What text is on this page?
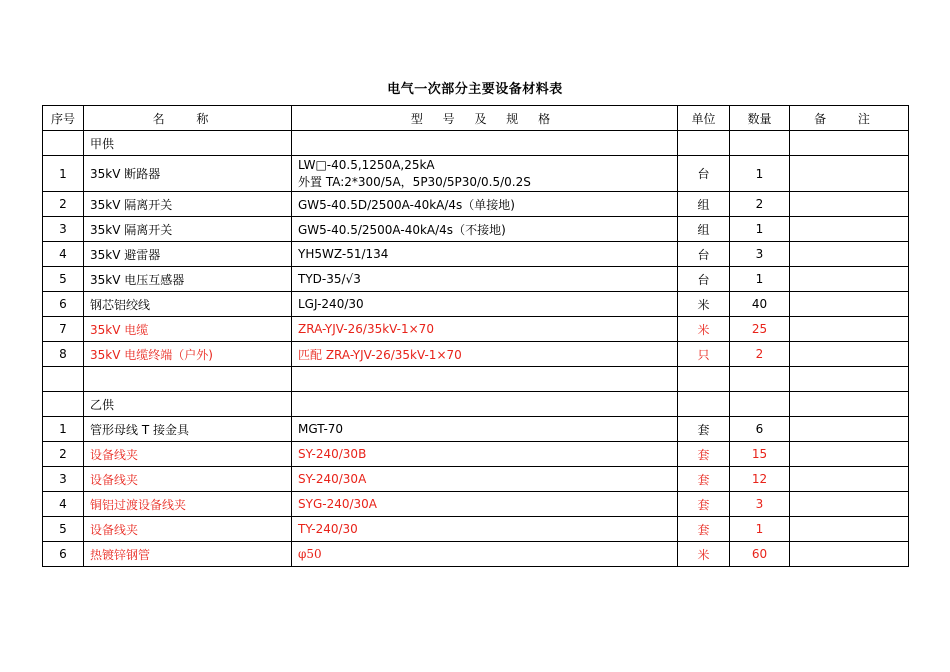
电气一次部分主要设备材料表
序号	名 称	型 号 及 规 格	单位	数量	备 注
	甲供				
1	35kV 断路器	LW□-40.5,1250A,25kA
外置 TA:2*300/5A，5P30/5P30/0.5/0.2S	台	1	
2	35kV 隔离开关	GW5-40.5D/2500A-40kA/4s（单接地)	组	2	
3	35kV 隔离开关	GW5-40.5/2500A-40kA/4s（不接地)	组	1	
4	35kV 避雷器	YH5WZ-51/134	台	3	
5	35kV 电压互感器	TYD-35/√3	台	1	
6	钢芯铝绞线	LGJ-240/30	米	40	
7	35kV 电缆	ZRA-YJV-26/35kV-1×70	米	25	
8	35kV 电缆终端（户外)	匹配 ZRA-YJV-26/35kV-1×70	只	2	

	乙供				
1	管形母线 T 接金具	MGT-70	套	6	
2	设备线夹	SY-240/30B	套	15	
3	设备线夹	SY-240/30A	套	12	
4	铜铝过渡设备线夹	SYG-240/30A	套	3	
5	设备线夹	TY-240/30	套	1	
6	热镀锌钢管	φ50	米	60	
